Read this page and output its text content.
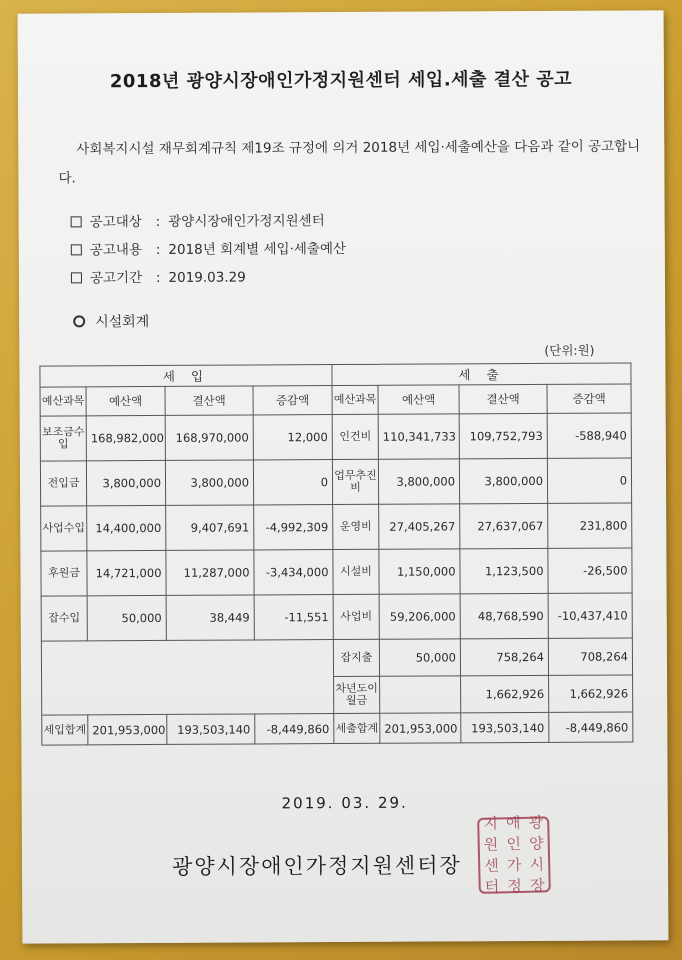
2018년 광양시장애인가정지원센터 세입.세출 결산 공고
사회복지시설 재무회계규칙 제19조 규정에 의거 2018년 세입·세출예산을 다음과 같이 공고합니다.
공고대상 : 광양시장애인가정지원센터
공고내용 : 2018년 회계별 세입·세출예산
공고기간 : 2019.03.29
시설회계
(단위:원)
세 입				세 출			
예산과목	예산액	결산액	증감액	예산과목	예산액	결산액	증감액
보조금수입	168,982,000	168,970,000	12,000	인건비	110,341,733	109,752,793	-588,940
전입금	3,800,000	3,800,000	0	업무추진비	3,800,000	3,800,000	0
사업수입	14,400,000	9,407,691	-4,992,309	운영비	27,405,267	27,637,067	231,800
후원금	14,721,000	11,287,000	-3,434,000	시설비	1,150,000	1,123,500	-26,500
잡수입	50,000	38,449	-11,551	사업비	59,206,000	48,768,590	-10,437,410
				잡지출	50,000	758,264	708,264
				차년도이월금		1,662,926	1,662,926
세입합계	201,953,000	193,503,140	-8,449,860	세출합계	201,953,000	193,503,140	-8,449,860
2019. 03. 29.
광양시장애인가정지원센터장
지 애 광
원 인 양
센 가 시
터 정 장
